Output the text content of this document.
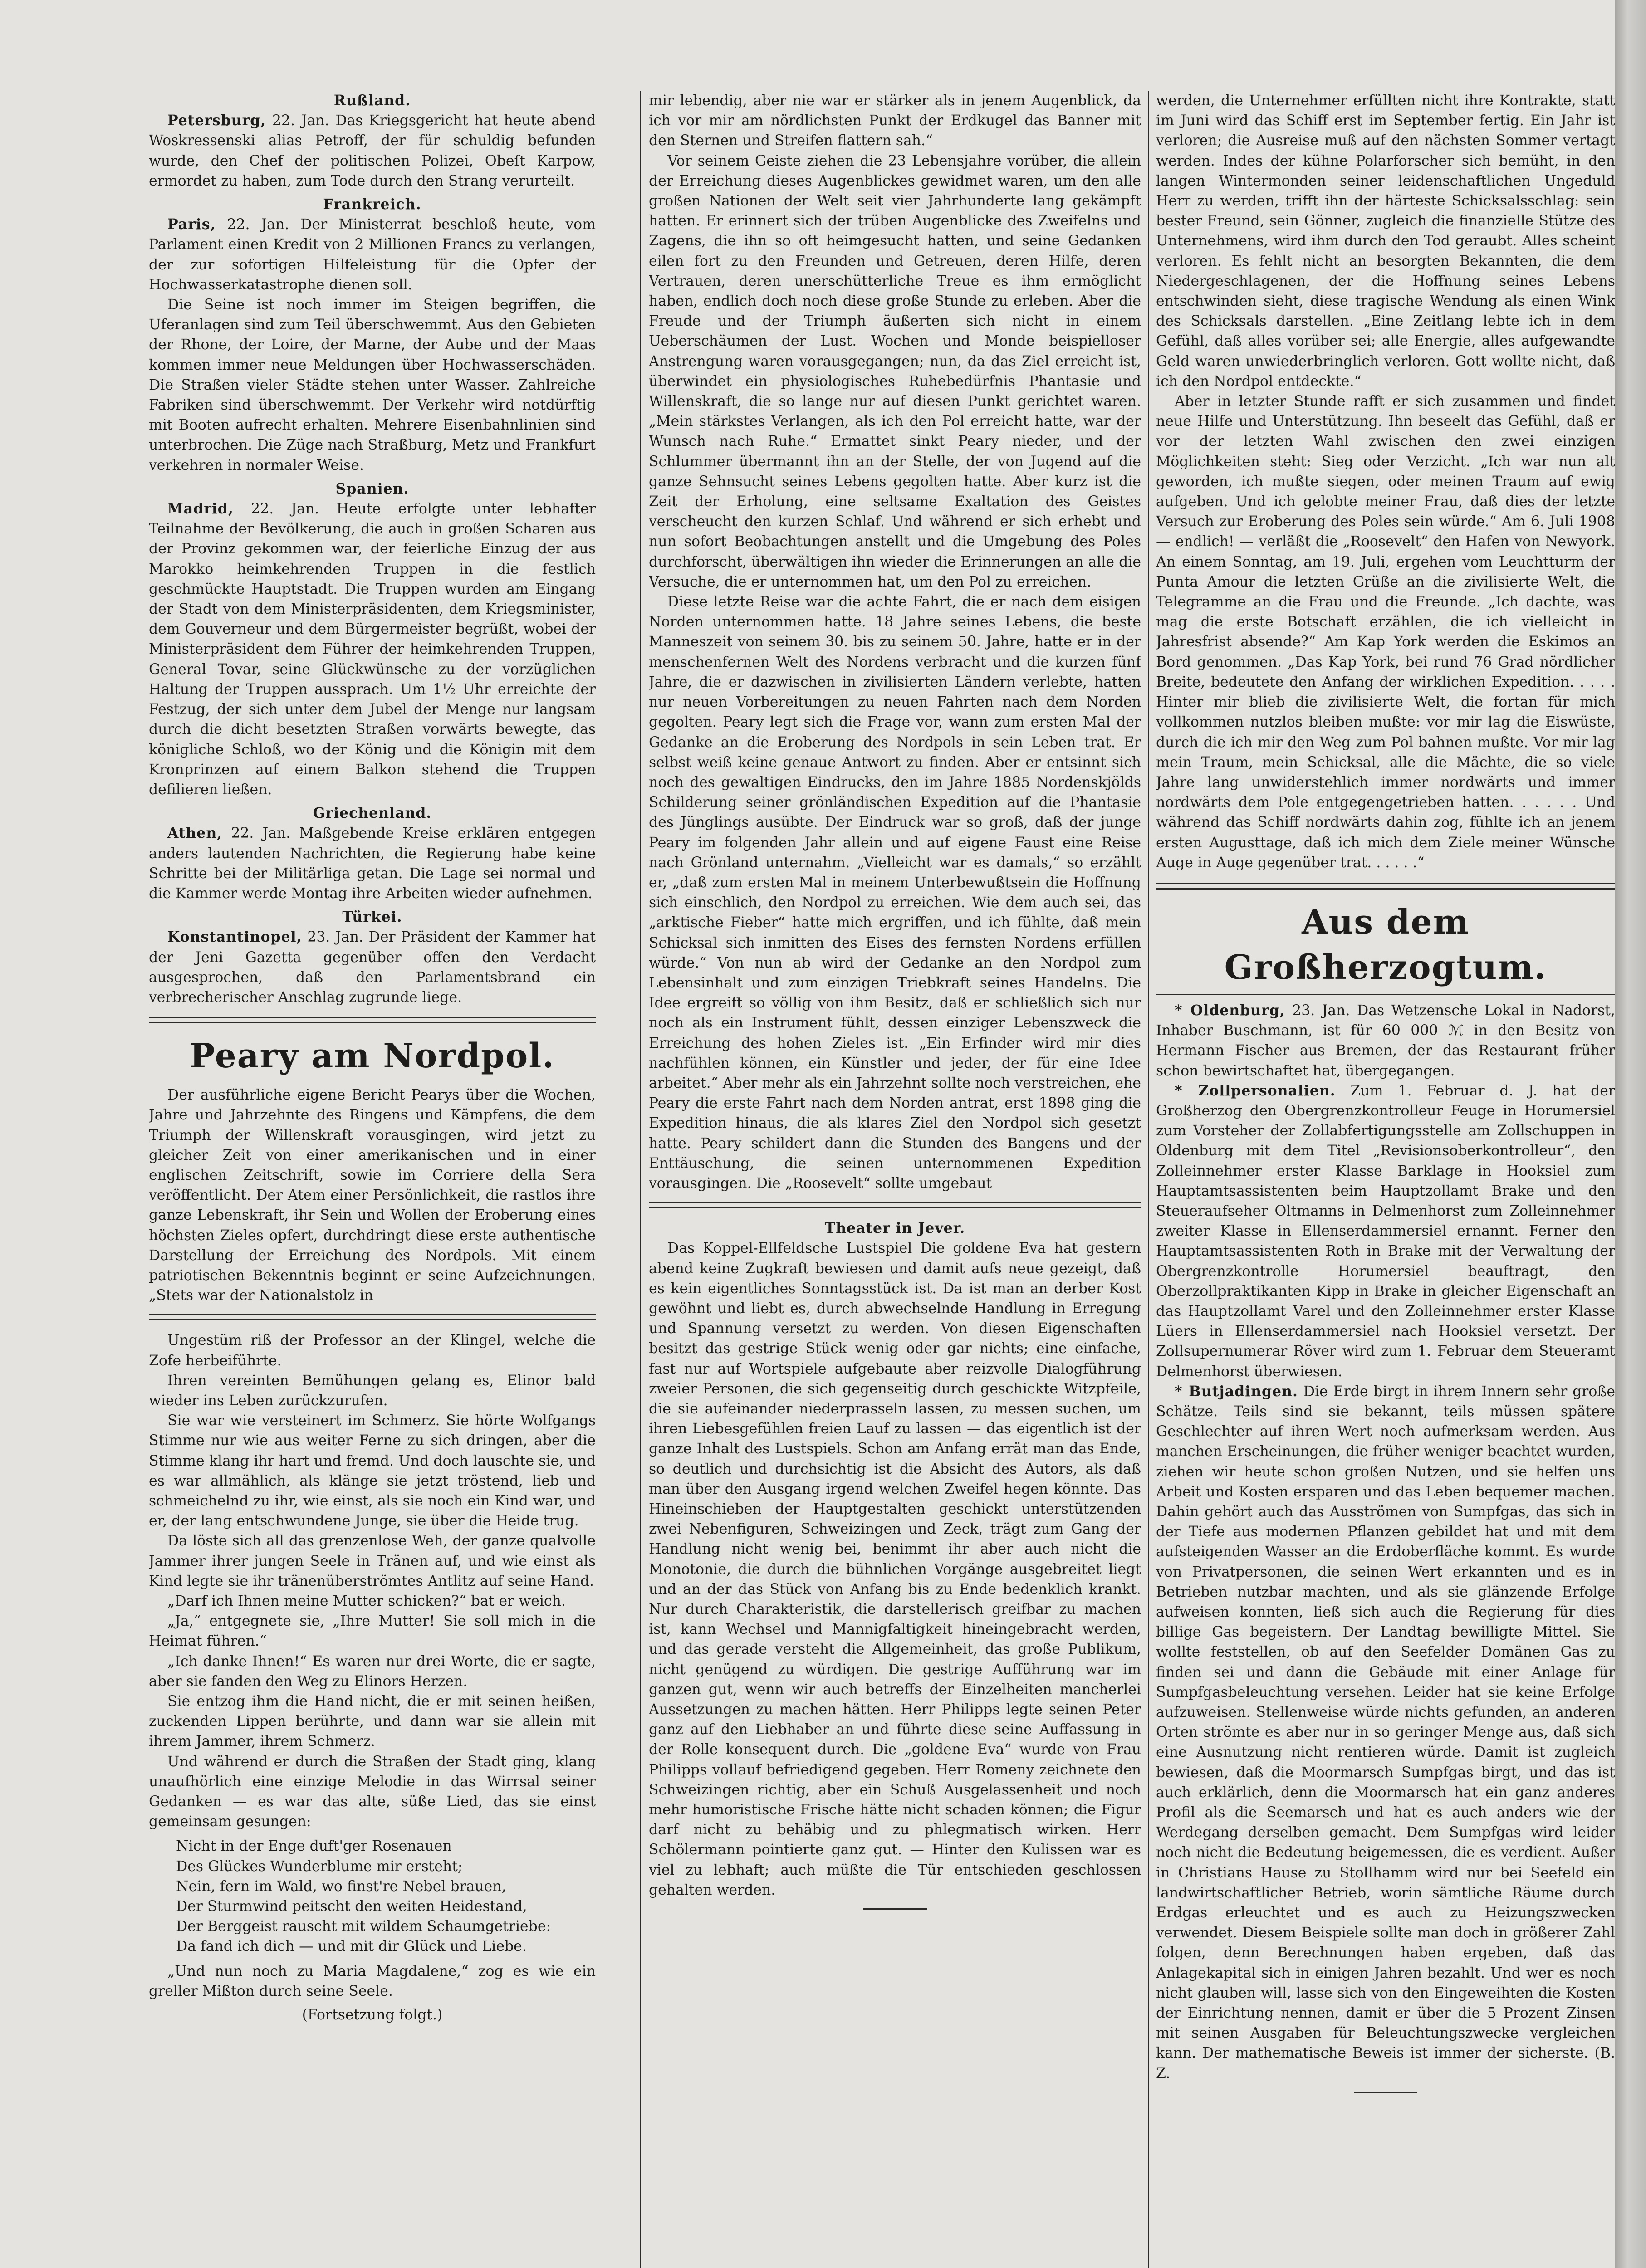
Rußland.

Petersburg, 22. Jan. Das Kriegsgericht hat heute abend Woskressenski alias Petroff, der für schuldig befunden wurde, den Chef der politischen Polizei, Obeſt Karpow, ermordet zu haben, zum Tode durch den Strang verurteilt.

Frankreich.

Paris, 22. Jan. Der Ministerrat beschloß heute, vom Parlament einen Kredit von 2 Millionen Francs zu verlangen, der zur sofortigen Hilfeleistung für die Opfer der Hochwasserkatastrophe dienen soll.

Die Seine ist noch immer im Steigen begriffen, die Uferanlagen sind zum Teil überschwemmt. Aus den Gebieten der Rhone, der Loire, der Marne, der Aube und der Maas kommen immer neue Meldungen über Hochwasserschäden. Die Straßen vieler Städte stehen unter Wasser. Zahlreiche Fabriken sind überschwemmt. Der Verkehr wird notdürftig mit Booten aufrecht erhalten. Mehrere Eisenbahnlinien sind unterbrochen. Die Züge nach Straßburg, Metz und Frankfurt verkehren in normaler Weise.

Spanien.

Madrid, 22. Jan. Heute erfolgte unter lebhafter Teilnahme der Bevölkerung, die auch in großen Scharen aus der Provinz gekommen war, der feierliche Einzug der aus Marokko heimkehrenden Truppen in die festlich geschmückte Hauptstadt. Die Truppen wurden am Eingang der Stadt von dem Ministerpräsidenten, dem Kriegsminister, dem Gouverneur und dem Bürgermeister begrüßt, wobei der Ministerpräsident dem Führer der heimkehrenden Truppen, General Tovar, seine Glückwünsche zu der vorzüglichen Haltung der Truppen aussprach. Um 1½ Uhr erreichte der Festzug, der sich unter dem Jubel der Menge nur langsam durch die dicht besetzten Straßen vorwärts bewegte, das königliche Schloß, wo der König und die Königin mit dem Kronprinzen auf einem Balkon stehend die Truppen defilieren ließen.

Griechenland.

Athen, 22. Jan. Maßgebende Kreise erklären entgegen anders lautenden Nachrichten, die Regierung habe keine Schritte bei der Militärliga getan. Die Lage sei normal und die Kammer werde Montag ihre Arbeiten wieder aufnehmen.

Türkei.

Konstantinopel, 23. Jan. Der Präsident der Kammer hat der Jeni Gazetta gegenüber offen den Verdacht ausgesprochen, daß den Parlamentsbrand ein verbrecherischer Anschlag zugrunde liege.

Peary am Nordpol.

Der ausführliche eigene Bericht Pearys über die Wochen, Jahre und Jahrzehnte des Ringens und Kämpfens, die dem Triumph der Willenskraft vorausgingen, wird jetzt zu gleicher Zeit von einer amerikanischen und in einer englischen Zeitschrift, sowie im Corriere della Sera veröffentlicht. Der Atem einer Persönlichkeit, die rastlos ihre ganze Lebenskraft, ihr Sein und Wollen der Eroberung eines höchsten Zieles opfert, durchdringt diese erste authentische Darstellung der Erreichung des Nordpols. Mit einem patriotischen Bekenntnis beginnt er seine Aufzeichnungen. „Stets war der Nationalstolz in

Ungestüm riß der Professor an der Klingel, welche die Zofe herbeiführte.

Ihren vereinten Bemühungen gelang es, Elinor bald wieder ins Leben zurückzurufen.

Sie war wie versteinert im Schmerz. Sie hörte Wolfgangs Stimme nur wie aus weiter Ferne zu sich dringen, aber die Stimme klang ihr hart und fremd. Und doch lauschte sie, und es war allmählich, als klänge sie jetzt tröstend, lieb und schmeichelnd zu ihr, wie einst, als sie noch ein Kind war, und er, der lang entschwundene Junge, sie über die Heide trug.

Da löste sich all das grenzenlose Weh, der ganze qualvolle Jammer ihrer jungen Seele in Tränen auf, und wie einst als Kind legte sie ihr tränenüberströmtes Antlitz auf seine Hand.

„Darf ich Ihnen meine Mutter schicken?“ bat er weich.

„Ja,“ entgegnete sie, „Ihre Mutter! Sie soll mich in die Heimat führen.“

„Ich danke Ihnen!“ Es waren nur drei Worte, die er sagte, aber sie fanden den Weg zu Elinors Herzen.

Sie entzog ihm die Hand nicht, die er mit seinen heißen, zuckenden Lippen berührte, und dann war sie allein mit ihrem Jammer, ihrem Schmerz.

Und während er durch die Straßen der Stadt ging, klang unaufhörlich eine einzige Melodie in das Wirrsal seiner Gedanken — es war das alte, süße Lied, das sie einst gemeinsam gesungen:

Nicht in der Enge duft'ger Rosenauen

Des Glückes Wunderblume mir ersteht;

Nein, fern im Wald, wo finst're Nebel brauen,

Der Sturmwind peitscht den weiten Heidestand,

Der Berggeist rauscht mit wildem Schaumgetriebe:

Da fand ich dich — und mit dir Glück und Liebe.

„Und nun noch zu Maria Magdalene,“ zog es wie ein greller Mißton durch seine Seele.

(Fortsetzung folgt.)

mir lebendig, aber nie war er stärker als in jenem Augenblick, da ich vor mir am nördlichsten Punkt der Erdkugel das Banner mit den Sternen und Streifen flattern sah.“

Vor seinem Geiste ziehen die 23 Lebensjahre vorüber, die allein der Erreichung dieses Augenblickes gewidmet waren, um den alle großen Nationen der Welt seit vier Jahrhunderte lang gekämpft hatten. Er erinnert sich der trüben Augenblicke des Zweifelns und Zagens, die ihn so oft heimgesucht hatten, und seine Gedanken eilen fort zu den Freunden und Getreuen, deren Hilfe, deren Vertrauen, deren unerschütterliche Treue es ihm ermöglicht haben, endlich doch noch diese große Stunde zu erleben. Aber die Freude und der Triumph äußerten sich nicht in einem Ueberschäumen der Lust. Wochen und Monde beispielloser Anstrengung waren vorausgegangen; nun, da das Ziel erreicht ist, überwindet ein physiologisches Ruhebedürfnis Phantasie und Willenskraft, die so lange nur auf diesen Punkt gerichtet waren. „Mein stärkstes Verlangen, als ich den Pol erreicht hatte, war der Wunsch nach Ruhe.“ Ermattet sinkt Peary nieder, und der Schlummer übermannt ihn an der Stelle, der von Jugend auf die ganze Sehnsucht seines Lebens gegolten hatte. Aber kurz ist die Zeit der Erholung, eine seltsame Exaltation des Geistes verscheucht den kurzen Schlaf. Und während er sich erhebt und nun sofort Beobachtungen anstellt und die Umgebung des Poles durchforscht, überwältigen ihn wieder die Erinnerungen an alle die Versuche, die er unternommen hat, um den Pol zu erreichen.

Diese letzte Reise war die achte Fahrt, die er nach dem eisigen Norden unternommen hatte. 18 Jahre seines Lebens, die beste Manneszeit von seinem 30. bis zu seinem 50. Jahre, hatte er in der menschenfernen Welt des Nordens verbracht und die kurzen fünf Jahre, die er dazwischen in zivilisierten Ländern verlebte, hatten nur neuen Vorbereitungen zu neuen Fahrten nach dem Norden gegolten. Peary legt sich die Frage vor, wann zum ersten Mal der Gedanke an die Eroberung des Nordpols in sein Leben trat. Er selbst weiß keine genaue Antwort zu finden. Aber er entsinnt sich noch des gewaltigen Eindrucks, den im Jahre 1885 Nordenskjölds Schilderung seiner grönländischen Expedition auf die Phantasie des Jünglings ausübte. Der Eindruck war so groß, daß der junge Peary im folgenden Jahr allein und auf eigene Faust eine Reise nach Grönland unternahm. „Vielleicht war es damals,“ so erzählt er, „daß zum ersten Mal in meinem Unterbewußtsein die Hoffnung sich einschlich, den Nordpol zu erreichen. Wie dem auch sei, das „arktische Fieber“ hatte mich ergriffen, und ich fühlte, daß mein Schicksal sich inmitten des Eises des fernsten Nordens erfüllen würde.“ Von nun ab wird der Gedanke an den Nordpol zum Lebensinhalt und zum einzigen Triebkraft seines Handelns. Die Idee ergreift so völlig von ihm Besitz, daß er schließlich sich nur noch als ein Instrument fühlt, dessen einziger Lebenszweck die Erreichung des hohen Zieles ist. „Ein Erfinder wird mir dies nachfühlen können, ein Künstler und jeder, der für eine Idee arbeitet.“ Aber mehr als ein Jahrzehnt sollte noch verstreichen, ehe Peary die erste Fahrt nach dem Norden antrat, erst 1898 ging die Expedition hinaus, die als klares Ziel den Nordpol sich gesetzt hatte. Peary schildert dann die Stunden des Bangens und der Enttäuschung, die seinen unternommenen Expedition vorausgingen. Die „Roosevelt“ sollte umgebaut

Theater in Jever.

Das Koppel-Ellfeldsche Lustspiel Die goldene Eva hat gestern abend keine Zugkraft bewiesen und damit aufs neue gezeigt, daß es kein eigentliches Sonntagsstück ist. Da ist man an derber Kost gewöhnt und liebt es, durch abwechselnde Handlung in Erregung und Spannung versetzt zu werden. Von diesen Eigenschaften besitzt das gestrige Stück wenig oder gar nichts; eine einfache, fast nur auf Wortspiele aufgebaute aber reizvolle Dialogführung zweier Personen, die sich gegenseitig durch geschickte Witzpfeile, die sie aufeinander niederprasseln lassen, zu messen suchen, um ihren Liebesgefühlen freien Lauf zu lassen — das eigentlich ist der ganze Inhalt des Lustspiels. Schon am Anfang errät man das Ende, so deutlich und durchsichtig ist die Absicht des Autors, als daß man über den Ausgang irgend welchen Zweifel hegen könnte. Das Hineinschieben der Hauptgestalten geschickt unterstützenden zwei Nebenfiguren, Schweizingen und Zeck, trägt zum Gang der Handlung nicht wenig bei, benimmt ihr aber auch nicht die Monotonie, die durch die bühnlichen Vorgänge ausgebreitet liegt und an der das Stück von Anfang bis zu Ende bedenklich krankt. Nur durch Charakteristik, die darstellerisch greifbar zu machen ist, kann Wechsel und Mannigfaltigkeit hineingebracht werden, und das gerade versteht die Allgemeinheit, das große Publikum, nicht genügend zu würdigen. Die gestrige Aufführung war im ganzen gut, wenn wir auch betreffs der Einzelheiten mancherlei Aussetzungen zu machen hätten. Herr Philipps legte seinen Peter ganz auf den Liebhaber an und führte diese seine Auffassung in der Rolle konsequent durch. Die „goldene Eva“ wurde von Frau Philipps vollauf befriedigend gegeben. Herr Romeny zeichnete den Schweizingen richtig, aber ein Schuß Ausgelassenheit und noch mehr humoristische Frische hätte nicht schaden können; die Figur darf nicht zu behäbig und zu phlegmatisch wirken. Herr Schölermann pointierte ganz gut. — Hinter den Kulissen war es viel zu lebhaft; auch müßte die Tür entschieden geschlossen gehalten werden.

werden, die Unternehmer erfüllten nicht ihre Kontrakte, statt im Juni wird das Schiff erst im September fertig. Ein Jahr ist verloren; die Ausreise muß auf den nächsten Sommer vertagt werden. Indes der kühne Polarforscher sich bemüht, in den langen Wintermonden seiner leidenschaftlichen Ungeduld Herr zu werden, trifft ihn der härteste Schicksalsschlag: sein bester Freund, sein Gönner, zugleich die finanzielle Stütze des Unternehmens, wird ihm durch den Tod geraubt. Alles scheint verloren. Es fehlt nicht an besorgten Bekannten, die dem Niedergeschlagenen, der die Hoffnung seines Lebens entschwinden sieht, diese tragische Wendung als einen Wink des Schicksals darstellen. „Eine Zeitlang lebte ich in dem Gefühl, daß alles vorüber sei; alle Energie, alles aufgewandte Geld waren unwiederbringlich verloren. Gott wollte nicht, daß ich den Nordpol entdeckte.“

Aber in letzter Stunde rafft er sich zusammen und findet neue Hilfe und Unterstützung. Ihn beseelt das Gefühl, daß er vor der letzten Wahl zwischen den zwei einzigen Möglichkeiten steht: Sieg oder Verzicht. „Ich war nun alt geworden, ich mußte siegen, oder meinen Traum auf ewig aufgeben. Und ich gelobte meiner Frau, daß dies der letzte Versuch zur Eroberung des Poles sein würde.“ Am 6. Juli 1908 — endlich! — verläßt die „Roosevelt“ den Hafen von Newyork. An einem Sonntag, am 19. Juli, ergehen vom Leuchtturm der Punta Amour die letzten Grüße an die zivilisierte Welt, die Telegramme an die Frau und die Freunde. „Ich dachte, was mag die erste Botschaft erzählen, die ich vielleicht in Jahresfrist absende?“ Am Kap York werden die Eskimos an Bord genommen. „Das Kap York, bei rund 76 Grad nördlicher Breite, bedeutete den Anfang der wirklichen Expedition. . . . . Hinter mir blieb die zivilisierte Welt, die fortan für mich vollkommen nutzlos bleiben mußte: vor mir lag die Eiswüste, durch die ich mir den Weg zum Pol bahnen mußte. Vor mir lag mein Traum, mein Schicksal, alle die Mächte, die so viele Jahre lang unwiderstehlich immer nordwärts und immer nordwärts dem Pole entgegengetrieben hatten. . . . . . Und während das Schiff nordwärts dahin zog, fühlte ich an jenem ersten Augusttage, daß ich mich dem Ziele meiner Wünsche Auge in Auge gegenüber trat. . . . . .“

Aus dem Großherzogtum.

* Oldenburg, 23. Jan. Das Wetzensche Lokal in Nadorst, Inhaber Buschmann, ist für 60 000 ℳ in den Besitz von Hermann Fischer aus Bremen, der das Restaurant früher schon bewirtschaftet hat, übergegangen.

* Zollpersonalien. Zum 1. Februar d. J. hat der Großherzog den Obergrenzkontrolleur Feuge in Horumersiel zum Vorsteher der Zollabfertigungsstelle am Zollschuppen in Oldenburg mit dem Titel „Revisionsoberkontrolleur“, den Zolleinnehmer erster Klasse Barklage in Hooksiel zum Hauptamtsassistenten beim Hauptzollamt Brake und den Steueraufseher Oltmanns in Delmenhorst zum Zolleinnehmer zweiter Klasse in Ellenserdammersiel ernannt. Ferner den Hauptamtsassistenten Roth in Brake mit der Verwaltung der Obergrenzkontrolle Horumersiel beauftragt, den Oberzollpraktikanten Kipp in Brake in gleicher Eigenschaft an das Hauptzollamt Varel und den Zolleinnehmer erster Klasse Lüers in Ellenserdammersiel nach Hooksiel versetzt. Der Zollsupernumerar Röver wird zum 1. Februar dem Steueramt Delmenhorst überwiesen.

* Butjadingen. Die Erde birgt in ihrem Innern sehr große Schätze. Teils sind sie bekannt, teils müssen spätere Geschlechter auf ihren Wert noch aufmerksam werden. Aus manchen Erscheinungen, die früher weniger beachtet wurden, ziehen wir heute schon großen Nutzen, und sie helfen uns Arbeit und Kosten ersparen und das Leben bequemer machen. Dahin gehört auch das Ausströmen von Sumpfgas, das sich in der Tiefe aus modernen Pflanzen gebildet hat und mit dem aufsteigenden Wasser an die Erdoberfläche kommt. Es wurde von Privatpersonen, die seinen Wert erkannten und es in Betrieben nutzbar machten, und als sie glänzende Erfolge aufweisen konnten, ließ sich auch die Regierung für dies billige Gas begeistern. Der Landtag bewilligte Mittel. Sie wollte feststellen, ob auf den Seefelder Domänen Gas zu finden sei und dann die Gebäude mit einer Anlage für Sumpfgasbeleuchtung versehen. Leider hat sie keine Erfolge aufzuweisen. Stellenweise würde nichts gefunden, an anderen Orten strömte es aber nur in so geringer Menge aus, daß sich eine Ausnutzung nicht rentieren würde. Damit ist zugleich bewiesen, daß die Moormarsch Sumpfgas birgt, und das ist auch erklärlich, denn die Moormarsch hat ein ganz anderes Profil als die Seemarsch und hat es auch anders wie der Werdegang derselben gemacht. Dem Sumpfgas wird leider noch nicht die Bedeutung beigemessen, die es verdient. Außer in Christians Hause zu Stollhamm wird nur bei Seefeld ein landwirtschaftlicher Betrieb, worin sämtliche Räume durch Erdgas erleuchtet und es auch zu Heizungszwecken verwendet. Diesem Beispiele sollte man doch in größerer Zahl folgen, denn Berechnungen haben ergeben, daß das Anlagekapital sich in einigen Jahren bezahlt. Und wer es noch nicht glauben will, lasse sich von den Eingeweihten die Kosten der Einrichtung nennen, damit er über die 5 Prozent Zinsen mit seinen Ausgaben für Beleuchtungszwecke vergleichen kann. Der mathematische Beweis ist immer der sicherste. (B. Z.
